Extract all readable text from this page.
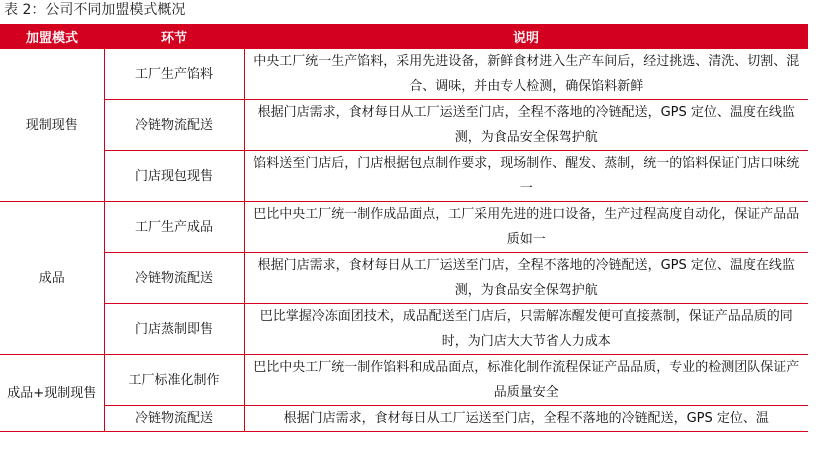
表 2：公司不同加盟模式概况
加盟模式	环节	说明
现制现售	工厂生产馅料	中央工厂统一生产馅料，采用先进设备，新鲜食材进入生产车间后，经过挑选、清洗、切割、混合、调味，并由专人检测，确保馅料新鲜
	冷链物流配送	根据门店需求，食材每日从工厂运送至门店，全程不落地的冷链配送，GPS 定位、温度在线监测，为食品安全保驾护航
	门店现包现售	馅料送至门店后，门店根据包点制作要求，现场制作、醒发、蒸制，统一的馅料保证门店口味统一
成品	工厂生产成品	巴比中央工厂统一制作成品面点，工厂采用先进的进口设备，生产过程高度自动化，保证产品品质如一
	冷链物流配送	根据门店需求，食材每日从工厂运送至门店，全程不落地的冷链配送，GPS 定位、温度在线监测，为食品安全保驾护航
	门店蒸制即售	巴比掌握冷冻面团技术，成品配送至门店后，只需解冻醒发便可直接蒸制，保证产品品质的同时，为门店大大节省人力成本
成品+现制现售	工厂标准化制作	巴比中央工厂统一制作馅料和成品面点，标准化制作流程保证产品品质，专业的检测团队保证产品质量安全
	冷链物流配送	根据门店需求，食材每日从工厂运送至门店，全程不落地的冷链配送，GPS 定位、温
